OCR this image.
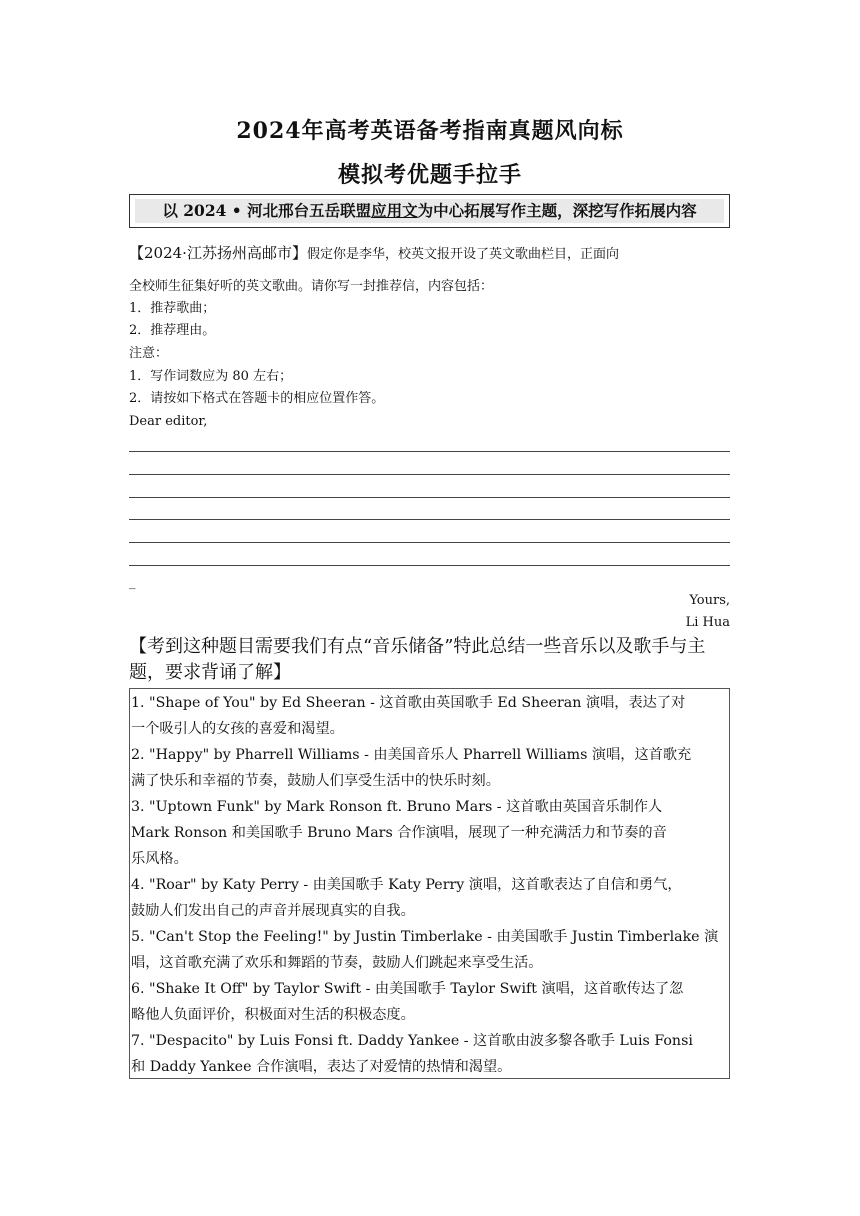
2024年高考英语备考指南真题风向标
模拟考优题手拉手
以 2024 • 河北邢台五岳联盟应用文为中心拓展写作主题，深挖写作拓展内容
【2024·江苏扬州高邮市】假定你是李华，校英文报开设了英文歌曲栏目，正面向
全校师生征集好听的英文歌曲。请你写一封推荐信，内容包括：
1．推荐歌曲；
2．推荐理由。
注意：
1．写作词数应为 80 左右；
2．请按如下格式在答题卡的相应位置作答。
Dear editor,
_
Yours,
Li Hua
【考到这种题目需要我们有点“音乐储备”特此总结一些音乐以及歌手与主题，要求背诵了解】
1. "Shape of You" by Ed Sheeran - 这首歌由英国歌手 Ed Sheeran 演唱，表达了对
一个吸引人的女孩的喜爱和渴望。
2. "Happy" by Pharrell Williams - 由美国音乐人 Pharrell Williams 演唱，这首歌充
满了快乐和幸福的节奏，鼓励人们享受生活中的快乐时刻。
3. "Uptown Funk" by Mark Ronson ft. Bruno Mars - 这首歌由英国音乐制作人
Mark Ronson 和美国歌手 Bruno Mars 合作演唱，展现了一种充满活力和节奏的音
乐风格。
4. "Roar" by Katy Perry - 由美国歌手 Katy Perry 演唱，这首歌表达了自信和勇气，
鼓励人们发出自己的声音并展现真实的自我。
5. "Can't Stop the Feeling!" by Justin Timberlake - 由美国歌手 Justin Timberlake 演
唱，这首歌充满了欢乐和舞蹈的节奏，鼓励人们跳起来享受生活。
6. "Shake It Off" by Taylor Swift - 由美国歌手 Taylor Swift 演唱，这首歌传达了忽
略他人负面评价，积极面对生活的积极态度。
7. "Despacito" by Luis Fonsi ft. Daddy Yankee - 这首歌由波多黎各歌手 Luis Fonsi
和 Daddy Yankee 合作演唱，表达了对爱情的热情和渴望。
